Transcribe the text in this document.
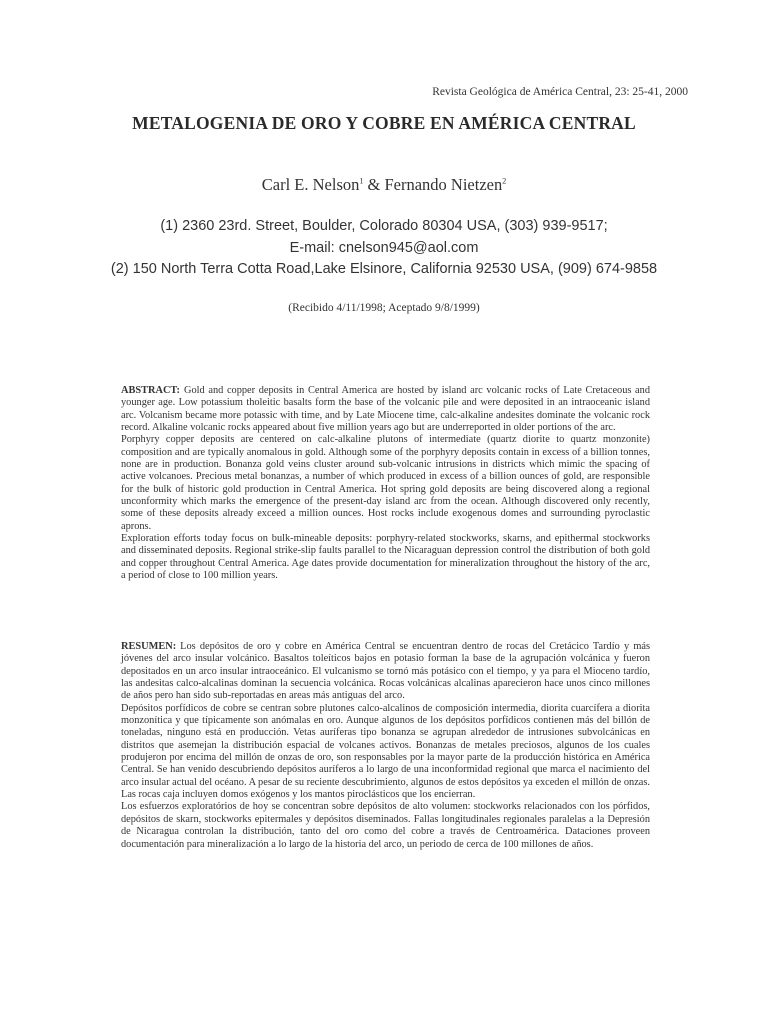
Revista Geológica de América Central, 23: 25-41, 2000
METALOGENIA DE ORO Y COBRE EN AMÉRICA CENTRAL
Carl E. Nelson$^1$ & Fernando Nietzen$^2$
(1) 2360 23rd. Street, Boulder, Colorado 80304 USA, (303) 939-9517;
E-mail: cnelson945@aol.com
(2) 150 North Terra Cotta Road,Lake Elsinore, California 92530 USA, (909) 674-9858
(Recibido 4/11/1998; Aceptado 9/8/1999)

ABSTRACT: Gold and copper deposits in Central America are hosted by island arc volcanic rocks of Late Cretaceous and younger age. Low potassium tholeitic basalts form the base of the volcanic pile and were deposited in an intraoceanic island arc. Volcanism became more potassic with time, and by Late Miocene time, calc-alkaline andesites dominate the volcanic rock record. Alkaline volcanic rocks appeared about five million years ago but are underreported in older portions of the arc.

Porphyry copper deposits are centered on calc-alkaline plutons of intermediate (quartz diorite to quartz monzonite) composition and are typically anomalous in gold. Although some of the porphyry deposits contain in excess of a billion tonnes, none are in production. Bonanza gold veins cluster around sub-volcanic intrusions in districts which mimic the spacing of active volcanoes. Precious metal bonanzas, a number of which produced in excess of a billion ounces of gold, are responsible for the bulk of historic gold production in Central America. Hot spring gold deposits are being discovered along a regional unconformity which marks the emergence of the present-day island arc from the ocean. Although discovered only recently, some of these deposits already exceed a million ounces. Host rocks include exogenous domes and surrounding pyroclastic aprons.

Exploration efforts today focus on bulk-mineable deposits: porphyry-related stockworks, skarns, and epithermal stockworks and disseminated deposits. Regional strike-slip faults parallel to the Nicaraguan depression control the distribution of both gold and copper throughout Central America. Age dates provide documentation for mineralization throughout the history of the arc, a period of close to 100 million years.

RESUMEN: Los depósitos de oro y cobre en América Central se encuentran dentro de rocas del Cretácico Tardío y más jóvenes del arco insular volcánico. Basaltos toleíticos bajos en potasio forman la base de la agrupación volcánica y fueron depositados en un arco insular intraoceánico. El vulcanismo se tornó más potásico con el tiempo, y ya para el Mioceno tardío, las andesitas calco-alcalinas dominan la secuencia volcánica. Rocas volcánicas alcalinas aparecieron hace unos cinco millones de años pero han sido sub-reportadas en areas más antiguas del arco.

Depósitos porfídicos de cobre se centran sobre plutones calco-alcalinos de composición intermedia, diorita cuarcífera a diorita monzonítica y que típicamente son anómalas en oro. Aunque algunos de los depósitos porfídicos contienen más del billón de toneladas, ninguno está en producción. Vetas auríferas tipo bonanza se agrupan alrededor de intrusiones subvolcánicas en distritos que asemejan la distribución espacial de volcanes activos. Bonanzas de metales preciosos, algunos de los cuales produjeron por encima del millón de onzas de oro, son responsables por la mayor parte de la producción histórica en América Central. Se han venido descubriendo depósitos auríferos a lo largo de una inconformidad regional que marca el nacimiento del arco insular actual del océano. A pesar de su reciente descubrimiento, algunos de estos depósitos ya exceden el millón de onzas. Las rocas caja incluyen domos exógenos y los mantos piroclásticos que los encierran.

Los esfuerzos exploratórios de hoy se concentran sobre depósitos de alto volumen: stockworks relacionados con los pórfidos, depósitos de skarn, stockworks epitermales y depósitos diseminados. Fallas longitudinales regionales paralelas a la Depresión de Nicaragua controlan la distribución, tanto del oro como del cobre a través de Centroamérica. Dataciones proveen documentación para mineralización a lo largo de la historia del arco, un periodo de cerca de 100 millones de años.
